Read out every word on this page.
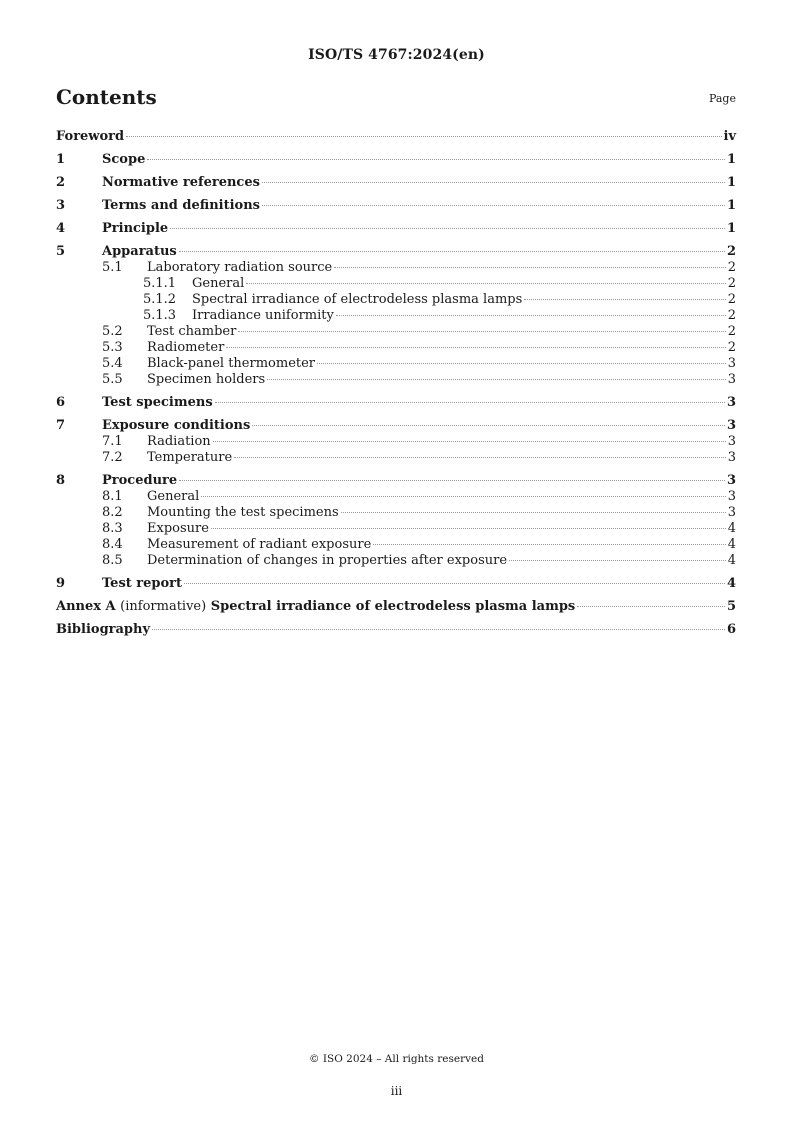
ISO/TS 4767:2024(en)
Contents	Page
Foreword	iv
1	Scope	1
2	Normative references	1
3	Terms and definitions	1
4	Principle	1
5	Apparatus	2
5.1	Laboratory radiation source	2
5.1.1	General	2
5.1.2	Spectral irradiance of electrodeless plasma lamps	2
5.1.3	Irradiance uniformity	2
5.2	Test chamber	2
5.3	Radiometer	2
5.4	Black-panel thermometer	3
5.5	Specimen holders	3
6	Test specimens	3
7	Exposure conditions	3
7.1	Radiation	3
7.2	Temperature	3
8	Procedure	3
8.1	General	3
8.2	Mounting the test specimens	3
8.3	Exposure	4
8.4	Measurement of radiant exposure	4
8.5	Determination of changes in properties after exposure	4
9	Test report	4
Annex A (informative) Spectral irradiance of electrodeless plasma lamps	5
Bibliography	6
© ISO 2024 – All rights reserved
iii
